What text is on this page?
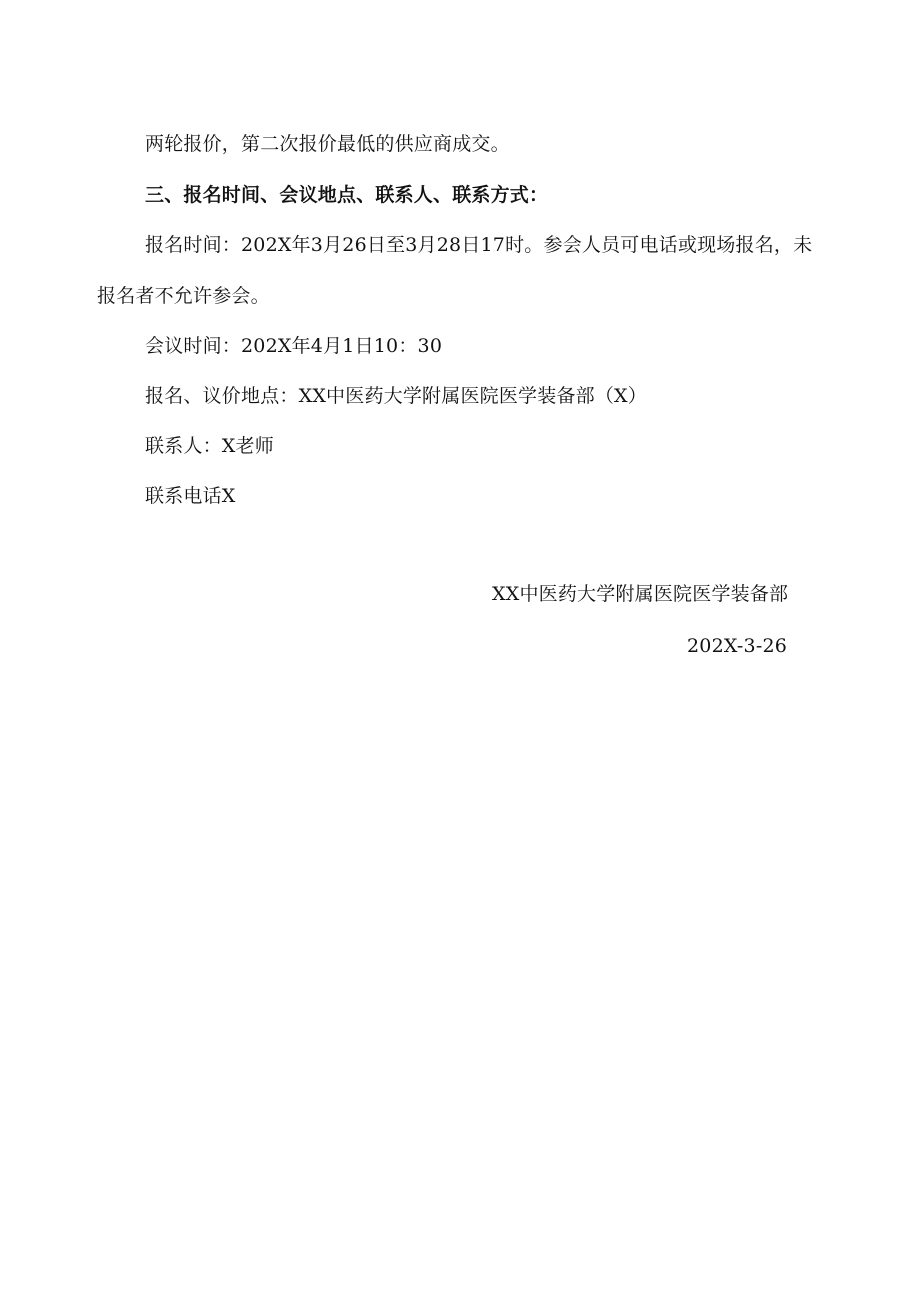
两轮报价，第二次报价最低的供应商成交。
三、报名时间、会议地点、联系人、联系方式：
报名时间：202X年3月26日至3月28日17时。参会人员可电话或现场报名，未
报名者不允许参会。
会议时间：202X年4月1日10：30
报名、议价地点：XX中医药大学附属医院医学装备部（X）
联系人：X老师
联系电话X
XX中医药大学附属医院医学装备部
202X-3-26
